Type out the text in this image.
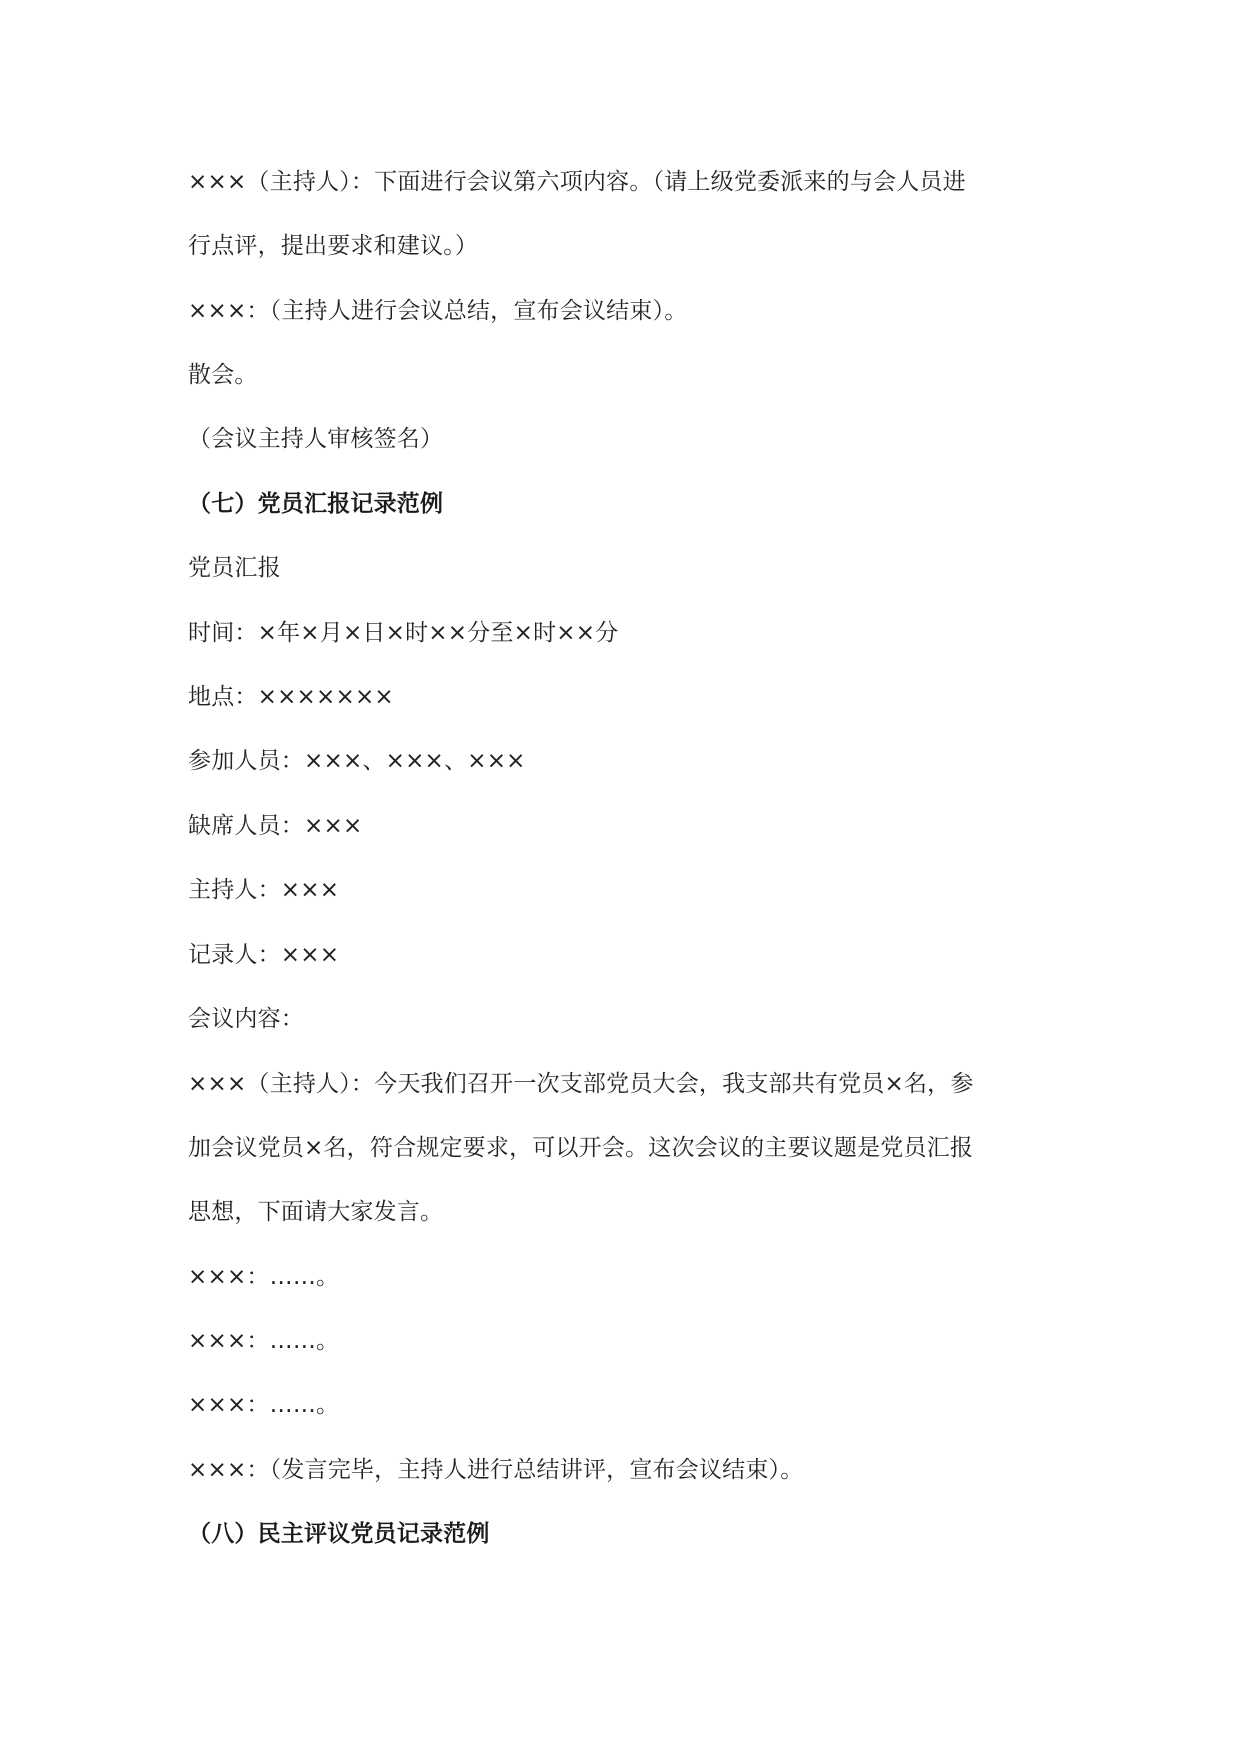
×××（主持人）：下面进行会议第六项内容。（请上级党委派来的与会人员进
行点评，提出要求和建议。）
×××：（主持人进行会议总结，宣布会议结束）。
散会。
（会议主持人审核签名）
（七）党员汇报记录范例
党员汇报
时间：×年×月×日×时××分至×时××分
地点：×××××××
参加人员：×××、×××、×××
缺席人员：×××
主持人：×××
记录人：×××
会议内容：
×××（主持人）：今天我们召开一次支部党员大会，我支部共有党员×名，参
加会议党员×名，符合规定要求，可以开会。这次会议的主要议题是党员汇报
思想，下面请大家发言。
×××：……。
×××：……。
×××：……。
×××：（发言完毕，主持人进行总结讲评，宣布会议结束）。
（八）民主评议党员记录范例
